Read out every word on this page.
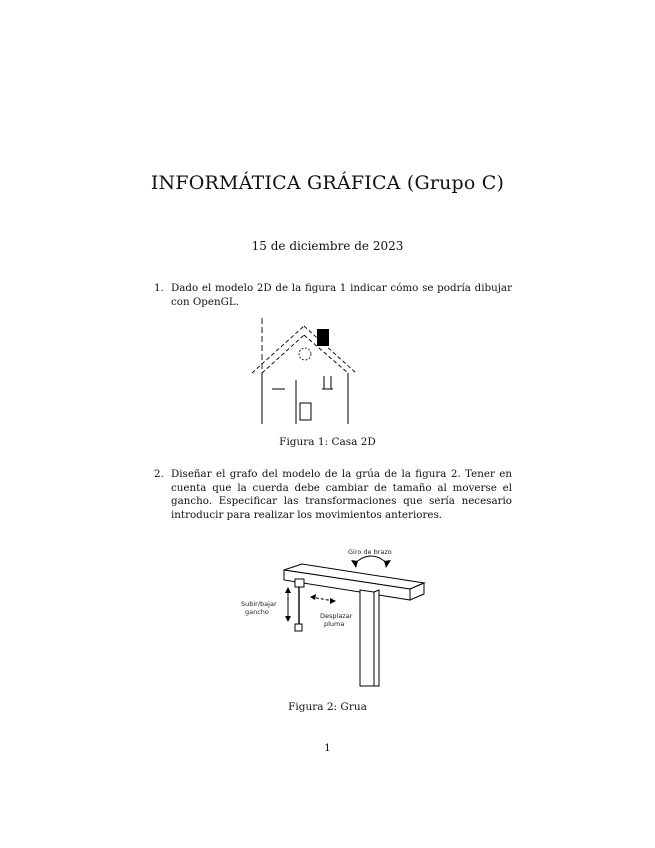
INFORMÁTICA GRÁFICA (Grupo C)
15 de diciembre de 2023
1. Dado el modelo 2D de la figura 1 indicar cómo se podría dibujar con OpenGL.
Figura 1: Casa 2D
2. Diseñar el grafo del modelo de la grúa de la figura 2. Tener en cuenta que la cuerda debe cambiar de tamaño al moverse el gancho. Especificar las transformaciones que sería necesario introducir para realizar los movimientos anteriores.
Giro de brazo
Subir/bajar
gancho	Desplazar
pluma
Figura 2: Grua
1
